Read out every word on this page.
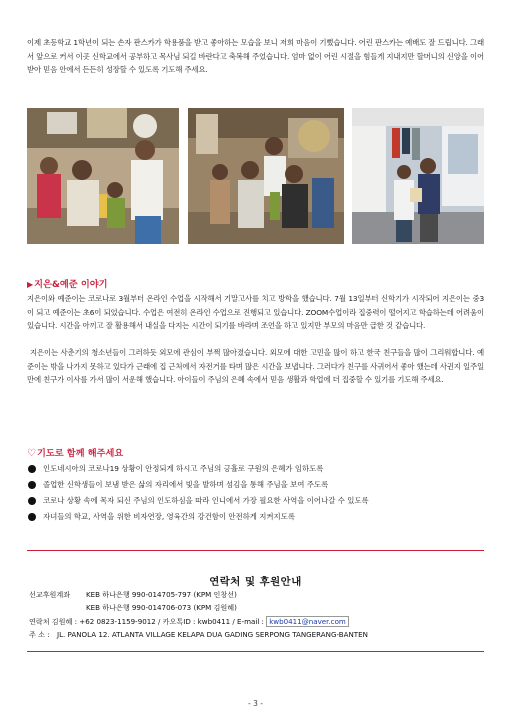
이제 초등학교 1학년이 되는 손자 판스카가 학용품을 받고 좋아하는 모습을 보니 저희 마음이 기뻤습니다. 어린 판스카는 예배도 잘 드립니다. 그래서 앞으로 커서 이곳 신학교에서 공부하고 목사님 되길 바란다고 축복해 주었습니다. 엄마 없이 어린 시절을 힘들게 지내지만 할머니의 신앙을 이어받아 믿음 안에서 든든히 성장할 수 있도록 기도해 주세요.

▶지은&예준 이야기

지은이와 예준이는 코로나로 3월부터 온라인 수업을 시작해서 기말고사를 치고 방학을 했습니다. 7월 13일부터 신학기가 시작되어 지은이는 중3이 되고 예준이는 초6이 되었습니다. 수업은 여전히 온라인 수업으로 진행되고 있습니다. ZOOM수업이라 집중력이 떨어지고 학습하는데 어려움이 있습니다. 시간을 아끼고 잘 활용해서 내실을 다지는 시간이 되기를 바라며 조언을 하고 있지만 부모의 마음만 급한 것 같습니다.

지은이는 사춘기의 청소년들이 그러하듯 외모에 관심이 부쩍 많아졌습니다. 외모에 대한 고민을 많이 하고 한국 친구들을 많이 그리워합니다. 예준이는 밖을 나가지 못하고 있다가 근래에 집 근처에서 자전거를 타며 많은 시간을 보냅니다. 그러다가 친구를 사귀어서 좋아 했는데 사귄지 일주일 만에 친구가 이사를 가서 많이 서운해 했습니다. 아이들이 주님의 은혜 속에서 믿음 생활과 학업에 더 집중할 수 있기를 기도해 주세요.

♡기도로 함께 해주세요
인도네시아의 코로나19 상황이 안정되게 하시고 주님의 긍휼로 구원의 은혜가 임하도록
졸업한 신학생들이 보냄 받은 삶의 자리에서 빛을 발하며 섬김을 통해 주님을 보여 주도록
코로나 상황 속에 목자 되신 주님의 인도하심을 따라 인니에서 가장 필요한 사역을 이어나갈 수 있도록
자녀들의 학교, 사역을 위한 비자연장, 영육간의 강건함이 안전하게 지켜지도록
연락처 및 후원안내
선교후원계좌 KEB 하나은행 990-014705-797 (KPM 인창선)
KEB 하나은행 990-014706-073 (KPM 김원혜)
연락처 김원혜 : +62 0823-1159-9012 / 카오톡ID : kwb0411 / E-mail : kwb0411@naver.com
주 소 : JL. PANOLA 12. ATLANTA VILLAGE KELAPA DUA GADING SERPONG TANGERANG-BANTEN
- 3 -
